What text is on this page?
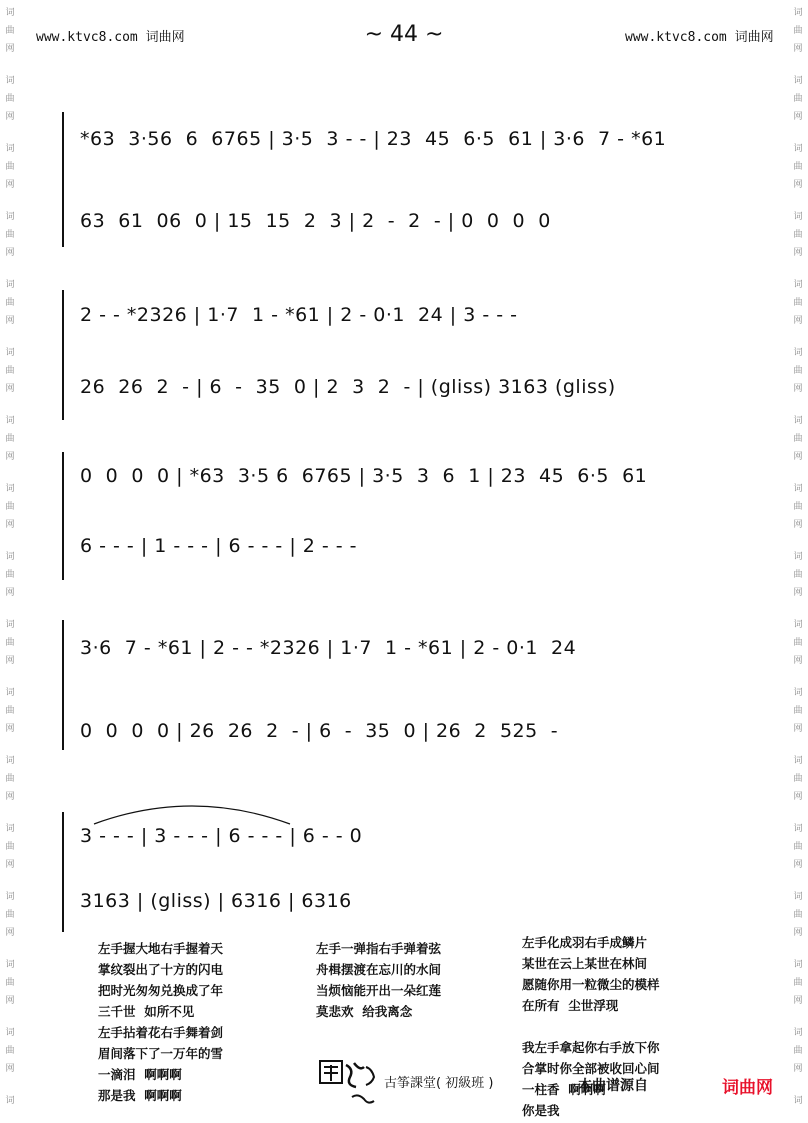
www.ktvc8.com 词曲网	~ 44 ~	www.ktvc8.com 词曲网
词
曲
网
词
曲
网
词
曲
网
词
曲
网
词
曲
网
词
曲
网
词
曲
网
词
曲
网
词
曲
网
词
曲
网
词
曲
网
词
曲
网
词
曲
网
词
曲
网
词
曲
网
词
曲
网
词
词
曲
网
词
曲
网
词
曲
网
词
曲
网
词
曲
网
词
曲
网
词
曲
网
词
曲
网
词
曲
网
词
曲
网
词
曲
网
词
曲
网
词
曲
网
词
曲
网
词
曲
网
词
曲
网
词
*63  3·56  6  6765 | 3·5  3 - - | 23  45  6·5  61 | 3·6  7 - *61
63  61  06  0 | 15  15  2  3 | 2  -  2  - | 0  0  0  0
2 - - *2326 | 1·7  1 - *61 | 2 - 0·1  24 | 3 - - -
26  26  2  - | 6  -  35  0 | 2  3  2  - | (gliss) 3163 (gliss)
0  0  0  0 | *63  3·5 6  6765 | 3·5  3  6  1 | 23  45  6·5  61
6 - - - | 1 - - - | 6 - - - | 2 - - -
3·6  7 - *61 | 2 - - *2326 | 1·7  1 - *61 | 2 - 0·1  24
0  0  0  0 | 26  26  2  - | 6  -  35  0 | 26  2  525  -
3 - - - | 3 - - - | 6 - - - | 6 - - 0
3163 | (gliss) | 6316 | 6316
左手握大地右手握着天
掌纹裂出了十方的闪电
把时光匆匆兑换成了年
三千世  如所不见
左手拈着花右手舞着剑
眉间落下了一万年的雪
一滴泪  啊啊啊
那是我  啊啊啊
左手一弹指右手弹着弦
舟楫摆渡在忘川的水间
当烦恼能开出一朵红莲
莫悲欢  给我离念
左手化成羽右手成鳞片
某世在云上某世在林间
愿随你用一粒微尘的模样
在所有  尘世浮现
我左手拿起你右手放下你
合掌时你全部被收回心间
一柱香  啊啊啊
你是我
古筝課堂( 初級班 )	本曲谱源自	词曲网
